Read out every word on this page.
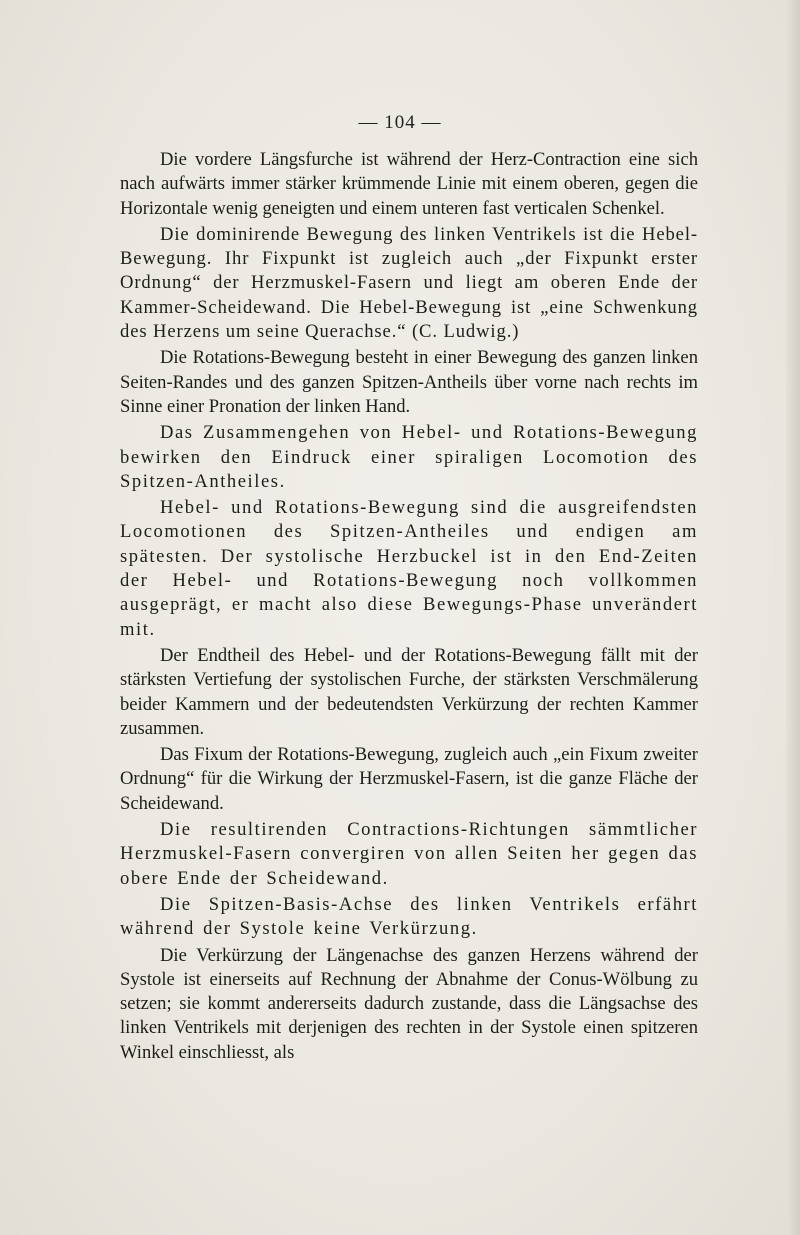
— 104 —

Die vordere Längsfurche ist während der Herz-Contraction eine sich nach aufwärts immer stärker krümmende Linie mit einem oberen, gegen die Horizontale wenig geneigten und einem unteren fast verticalen Schenkel.

Die dominirende Bewegung des linken Ventrikels ist die Hebel-Bewegung. Ihr Fixpunkt ist zugleich auch „der Fixpunkt erster Ordnung“ der Herzmuskel-Fasern und liegt am oberen Ende der Kammer-Scheidewand. Die Hebel-Bewegung ist „eine Schwenkung des Herzens um seine Querachse.“ (C. Ludwig.)

Die Rotations-Bewegung besteht in einer Bewegung des ganzen linken Seiten-Randes und des ganzen Spitzen-Antheils über vorne nach rechts im Sinne einer Pronation der linken Hand.

Das Zusammengehen von Hebel- und Rotations-Bewegung bewirken den Eindruck einer spiraligen Locomotion des Spitzen-Antheiles.

Hebel- und Rotations-Bewegung sind die ausgreifendsten Locomotionen des Spitzen-Antheiles und endigen am spätesten. Der systolische Herzbuckel ist in den End-Zeiten der Hebel- und Rotations-Bewegung noch vollkommen ausgeprägt, er macht also diese Bewegungs-Phase unverändert mit.

Der Endtheil des Hebel- und der Rotations-Bewegung fällt mit der stärksten Vertiefung der systolischen Furche, der stärksten Verschmälerung beider Kammern und der bedeutendsten Verkürzung der rechten Kammer zusammen.

Das Fixum der Rotations-Bewegung, zugleich auch „ein Fixum zweiter Ordnung“ für die Wirkung der Herzmuskel-Fasern, ist die ganze Fläche der Scheidewand.

Die resultirenden Contractions-Richtungen sämmtlicher Herzmuskel-Fasern convergiren von allen Seiten her gegen das obere Ende der Scheidewand.

Die Spitzen-Basis-Achse des linken Ventrikels erfährt während der Systole keine Verkürzung.

Die Verkürzung der Längenachse des ganzen Herzens während der Systole ist einerseits auf Rechnung der Abnahme der Conus-Wölbung zu setzen; sie kommt andererseits dadurch zustande, dass die Längsachse des linken Ventrikels mit derjenigen des rechten in der Systole einen spitzeren Winkel einschliesst, als
